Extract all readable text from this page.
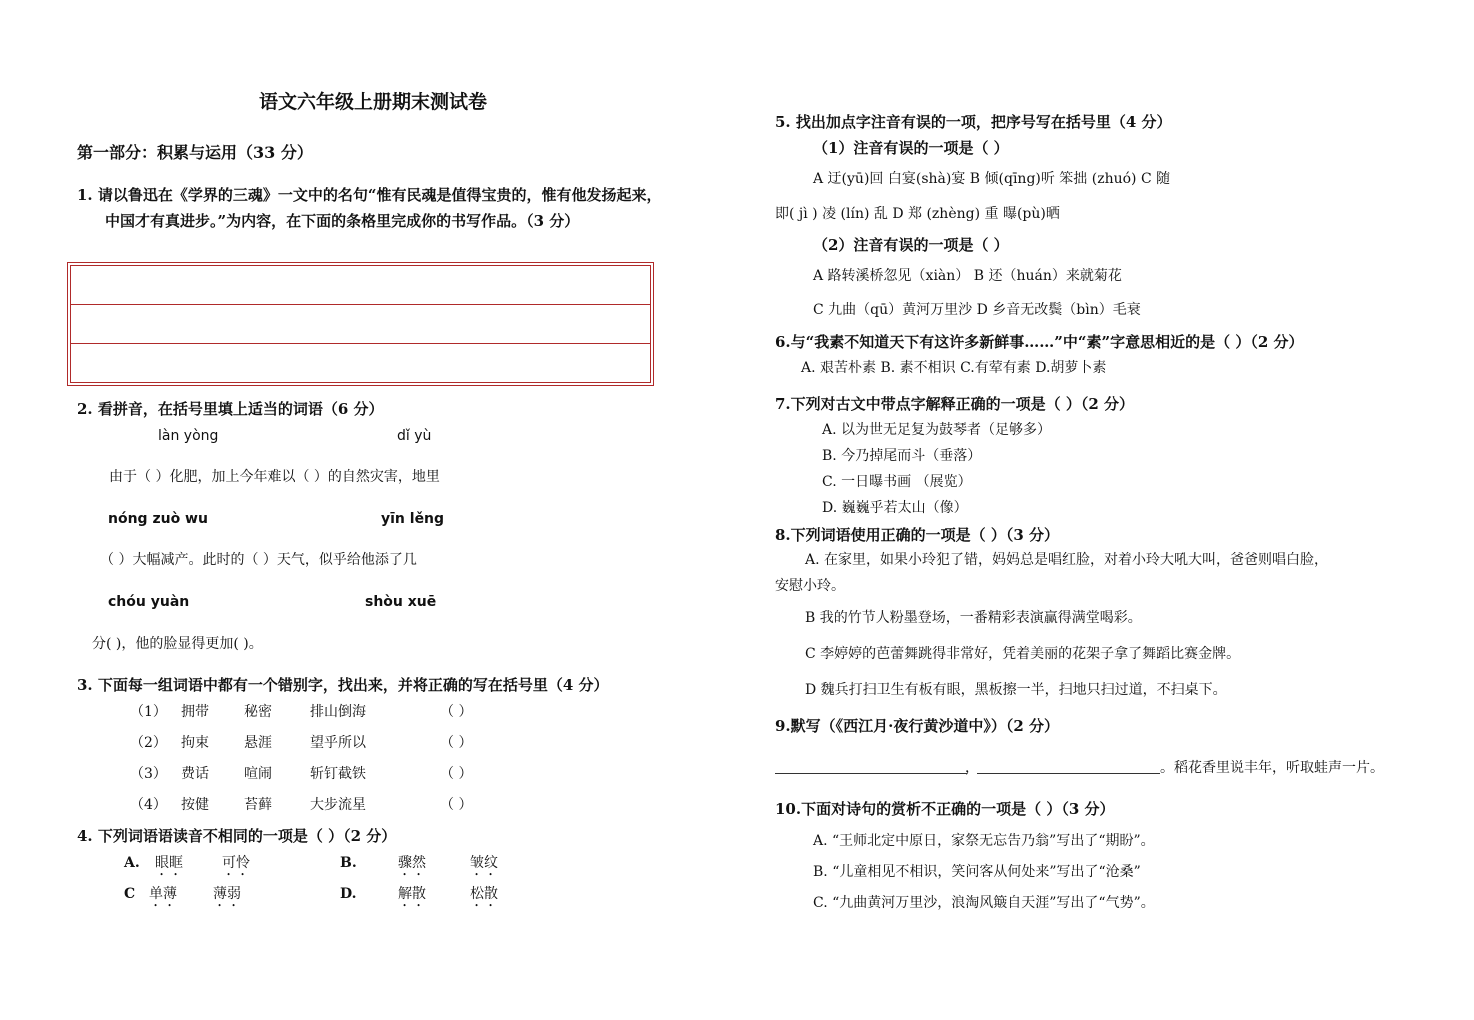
语文六年级上册期末测试卷
第一部分：积累与运用（33 分）
1. 请以鲁迅在《学界的三魂》一文中的名句“惟有民魂是值得宝贵的，惟有他发扬起来，
中国才有真进步。”为内容，在下面的条格里完成你的书写作品。（3 分）
2. 看拼音，在括号里填上适当的词语（6 分）
làn yòng	dǐ yù
由于（ ）化肥，加上今年难以（ ）的自然灾害，地里
nóng zuò wu	yīn lěng
（ ）大幅减产。此时的（ ）天气，似乎给他添了几
chóu yuàn	shòu xuē
分( )，他的脸显得更加( )。
3. 下面每一组词语中都有一个错别字，找出来，并将正确的写在括号里（4 分）
（1） 拥带	秘密	排山倒海	（ ）
（2） 拘束	悬涯	望乎所以	（ ）
（3） 费话	喧闹	斩钉截铁	（ ）
（4） 按健	苔藓	大步流星	（ ）
4. 下列词语语读音不相同的一项是（ ）（2 分）
A. 眼眶	可怜	B.	骤然	皱纹
C 单薄	薄弱	D.	解散	松散
5. 找出加点字注音有误的一项，把序号写在括号里（4 分）
（1）注音有误的一项是（ ）
A 迂(yū)回 白宴(shà)宴 B 倾(qīng)听 笨拙 (zhuó) C 随
即( jì ) 凌 (lín) 乱 D 郑 (zhèng) 重 曝(pù)晒
（2）注音有误的一项是（ ）
A 路转溪桥忽见（xiàn） B 还（huán）来就菊花
C 九曲（qū）黄河万里沙 D 乡音无改鬓（bìn）毛衰
6.与“我素不知道天下有这许多新鲜事……”中“素”字意思相近的是（ ）（2 分）
A. 艰苦朴素 B. 素不相识 C.有荤有素 D.胡萝卜素
7.下列对古文中带点字解释正确的一项是（ ）（2 分）
A. 以为世无足复为鼓琴者（足够多）
B. 今乃掉尾而斗（垂落）
C. 一日曝书画 （展览）
D. 巍巍乎若太山（像）
8.下列词语使用正确的一项是（ ）（3 分）
A. 在家里，如果小玲犯了错，妈妈总是唱红脸，对着小玲大吼大叫，爸爸则唱白脸，
安慰小玲。
B 我的竹节人粉墨登场，一番精彩表演赢得满堂喝彩。
C 李婷婷的芭蕾舞跳得非常好，凭着美丽的花架子拿了舞蹈比赛金牌。
D 魏兵打扫卫生有板有眼，黑板擦一半，扫地只扫过道，不扫桌下。
9.默写（《西江月·夜行黄沙道中》）（2 分）
，	。稻花香里说丰年，听取蛙声一片。
10.下面对诗句的赏析不正确的一项是（ ）（3 分）
A. “王师北定中原日，家祭无忘告乃翁”写出了“期盼”。
B. “儿童相见不相识，笑问客从何处来”写出了“沧桑”
C. “九曲黄河万里沙，浪淘风簸自天涯”写出了“气势”。
